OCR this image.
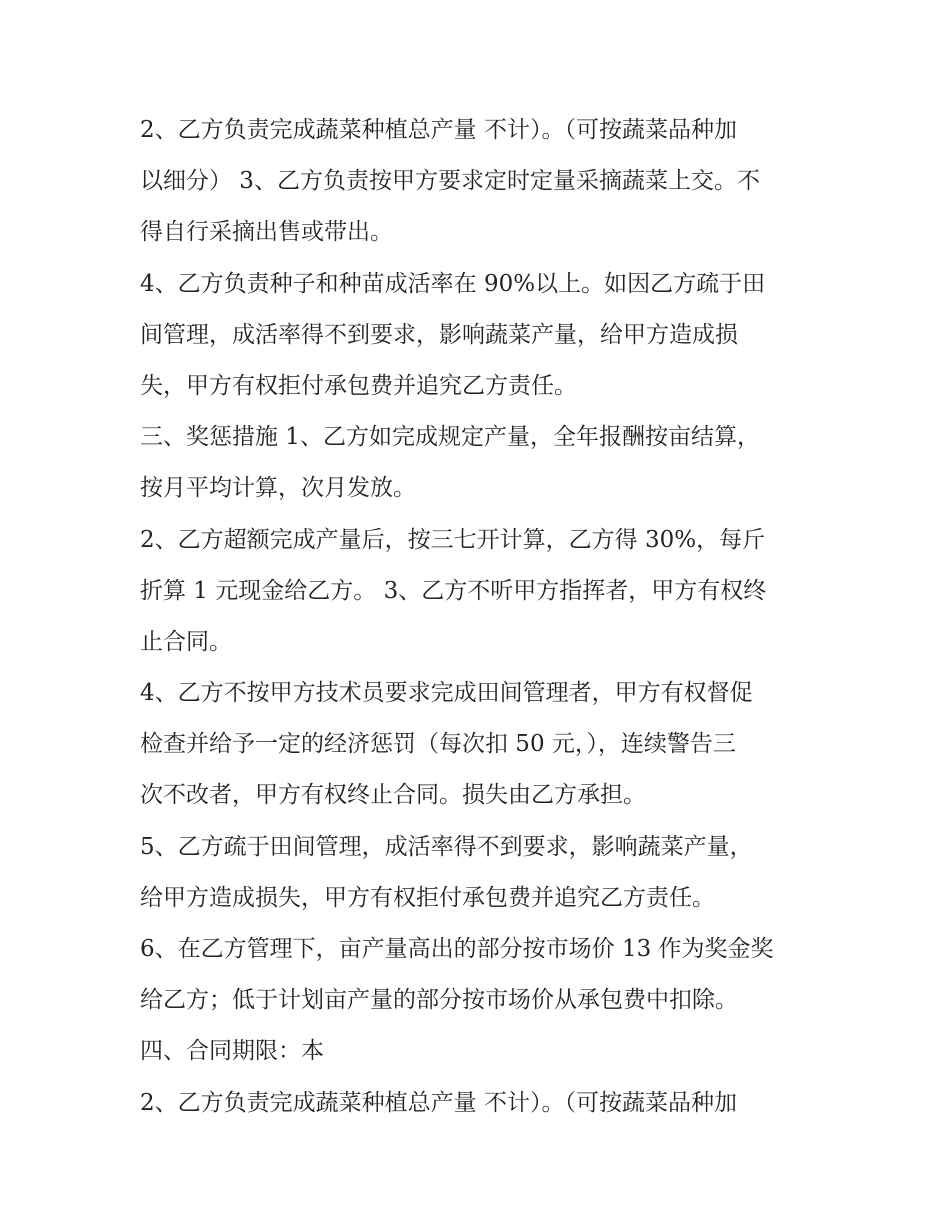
2、乙方负责完成蔬菜种植总产量 不计）。（可按蔬菜品种加
以细分） 3、乙方负责按甲方要求定时定量采摘蔬菜上交。不
得自行采摘出售或带出。
4、乙方负责种子和种苗成活率在 90%以上。如因乙方疏于田
间管理，成活率得不到要求，影响蔬菜产量，给甲方造成损
失，甲方有权拒付承包费并追究乙方责任。
三、奖惩措施 1、乙方如完成规定产量，全年报酬按亩结算，
按月平均计算，次月发放。
2、乙方超额完成产量后，按三七开计算，乙方得 30%，每斤
折算 1 元现金给乙方。 3、乙方不听甲方指挥者，甲方有权终
止合同。
4、乙方不按甲方技术员要求完成田间管理者，甲方有权督促
检查并给予一定的经济惩罚（每次扣 50 元，），连续警告三
次不改者，甲方有权终止合同。损失由乙方承担。
5、乙方疏于田间管理，成活率得不到要求，影响蔬菜产量，
给甲方造成损失，甲方有权拒付承包费并追究乙方责任。
6、在乙方管理下，亩产量高出的部分按市场价 13 作为奖金奖
给乙方；低于计划亩产量的部分按市场价从承包费中扣除。
四、合同期限：本
2、乙方负责完成蔬菜种植总产量 不计）。（可按蔬菜品种加
